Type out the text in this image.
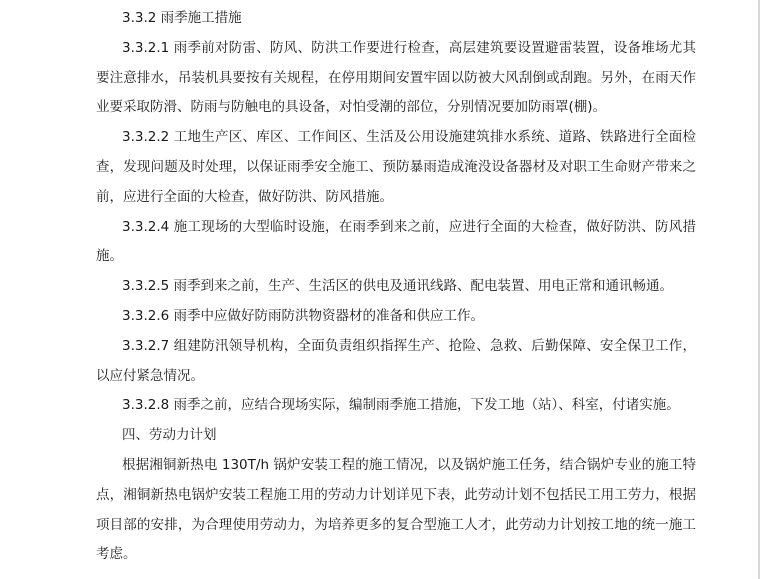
3.3.2 雨季施工措施

3.3.2.1 雨季前对防雷、防风、防洪工作要进行检查，高层建筑要设置避雷装置，设备堆场尤其要注意排水，吊装机具要按有关规程，在停用期间安置牢固以防被大风刮倒或刮跑。另外，在雨天作业要采取防滑、防雨与防触电的具设备，对怕受潮的部位，分别情况要加防雨罩(棚)。

3.3.2.2 工地生产区、库区、工作间区、生活及公用设施建筑排水系统、道路、铁路进行全面检查，发现问题及时处理，以保证雨季安全施工、预防暴雨造成淹没设备器材及对职工生命财产带来之前，应进行全面的大检查，做好防洪、防风措施。

3.3.2.4 施工现场的大型临时设施，在雨季到来之前，应进行全面的大检查，做好防洪、防风措施。

3.3.2.5 雨季到来之前，生产、生活区的供电及通讯线路、配电装置、用电正常和通讯畅通。

3.3.2.6 雨季中应做好防雨防洪物资器材的准备和供应工作。

3.3.2.7 组建防汛领导机构，全面负责组织指挥生产、抢险、急救、后勤保障、安全保卫工作，以应付紧急情况。

3.3.2.8 雨季之前，应结合现场实际，编制雨季施工措施，下发工地（站）、科室，付诸实施。

四、劳动力计划

根据湘铜新热电 130T/h 锅炉安装工程的施工情况，以及锅炉施工任务，结合锅炉专业的施工特点，湘铜新热电锅炉安装工程施工用的劳动力计划详见下表，此劳动计划不包括民工用工劳力，根据项目部的安排，为合理使用劳动力，为培养更多的复合型施工人才，此劳动力计划按工地的统一施工考虑。
